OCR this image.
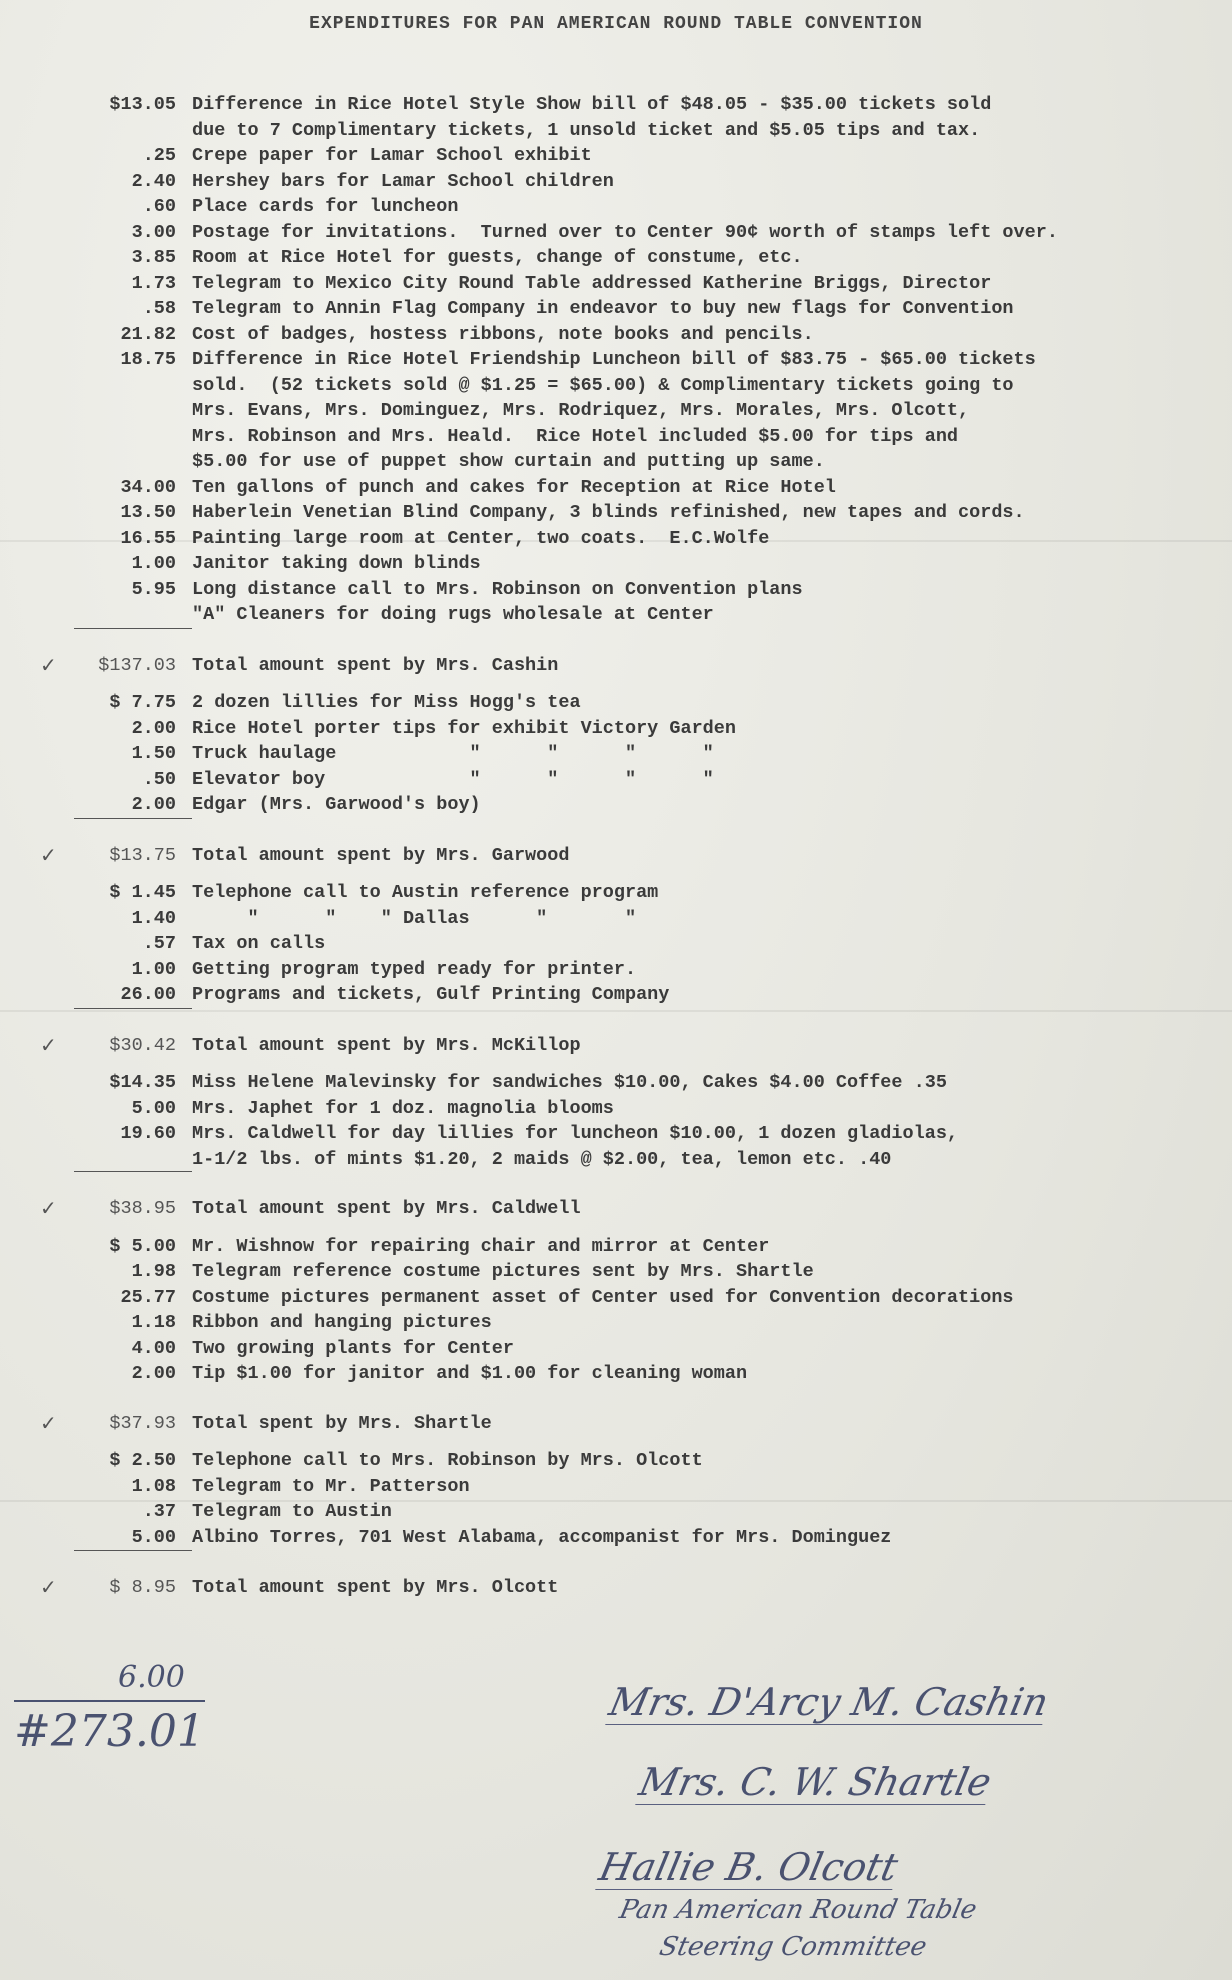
EXPENDITURES FOR PAN AMERICAN ROUND TABLE CONVENTION
$13.05 Difference in Rice Hotel Style Show bill of $48.05 - $35.00 tickets sold
due to 7 Complimentary tickets, 1 unsold ticket and $5.05 tips and tax.
.25 Crepe paper for Lamar School exhibit
2.40 Hershey bars for Lamar School children
.60 Place cards for luncheon
3.00 Postage for invitations.  Turned over to Center 90¢ worth of stamps left over.
3.85 Room at Rice Hotel for guests, change of constume, etc.
1.73 Telegram to Mexico City Round Table addressed Katherine Briggs, Director
.58 Telegram to Annin Flag Company in endeavor to buy new flags for Convention
21.82 Cost of badges, hostess ribbons, note books and pencils.
18.75 Difference in Rice Hotel Friendship Luncheon bill of $83.75 - $65.00 tickets
sold.  (52 tickets sold @ $1.25 = $65.00) & Complimentary tickets going to
Mrs. Evans, Mrs. Dominguez, Mrs. Rodriquez, Mrs. Morales, Mrs. Olcott,
Mrs. Robinson and Mrs. Heald.  Rice Hotel included $5.00 for tips and
$5.00 for use of puppet show curtain and putting up same.
34.00 Ten gallons of punch and cakes for Reception at Rice Hotel
13.50 Haberlein Venetian Blind Company, 3 blinds refinished, new tapes and cords.
16.55 Painting large room at Center, two coats.  E.C.Wolfe
1.00 Janitor taking down blinds
5.95 Long distance call to Mrs. Robinson on Convention plans

"A" Cleaners for doing rugs wholesale at Center
✓	$137.03 Total amount spent by Mrs. Cashin
$ 7.75 2 dozen lillies for Miss Hogg's tea
2.00 Rice Hotel porter tips for exhibit Victory Garden
1.50 Truck haulage            "      "      "      "
.50 Elevator boy             "      "      "      "
2.00 Edgar (Mrs. Garwood's boy)
✓	$13.75 Total amount spent by Mrs. Garwood
$ 1.45 Telephone call to Austin reference program
1.40 "      "    " Dallas      "       "
.57 Tax on calls
1.00 Getting program typed ready for printer.
26.00 Programs and tickets, Gulf Printing Company
✓	$30.42 Total amount spent by Mrs. McKillop
$14.35 Miss Helene Malevinsky for sandwiches $10.00, Cakes $4.00 Coffee .35
5.00 Mrs. Japhet for 1 doz. magnolia blooms
19.60 Mrs. Caldwell for day lillies for luncheon $10.00, 1 dozen gladiolas,
1-1/2 lbs. of mints $1.20, 2 maids @ $2.00, tea, lemon etc. .40
✓	$38.95 Total amount spent by Mrs. Caldwell
$ 5.00 Mr. Wishnow for repairing chair and mirror at Center
1.98 Telegram reference costume pictures sent by Mrs. Shartle
25.77 Costume pictures permanent asset of Center used for Convention decorations
1.18 Ribbon and hanging pictures
4.00 Two growing plants for Center
2.00 Tip $1.00 for janitor and $1.00 for cleaning woman
✓	$37.93 Total spent by Mrs. Shartle
$ 2.50 Telephone call to Mrs. Robinson by Mrs. Olcott
1.08 Telegram to Mr. Patterson
.37 Telegram to Austin
5.00 Albino Torres, 701 West Alabama, accompanist for Mrs. Dominguez
✓	$ 8.95 Total amount spent by Mrs. Olcott
6.00
#273.01
Mrs. D'Arcy M. Cashin
Mrs. C. W. Shartle
Hallie B. Olcott
Pan American Round Table
Steering Committee
